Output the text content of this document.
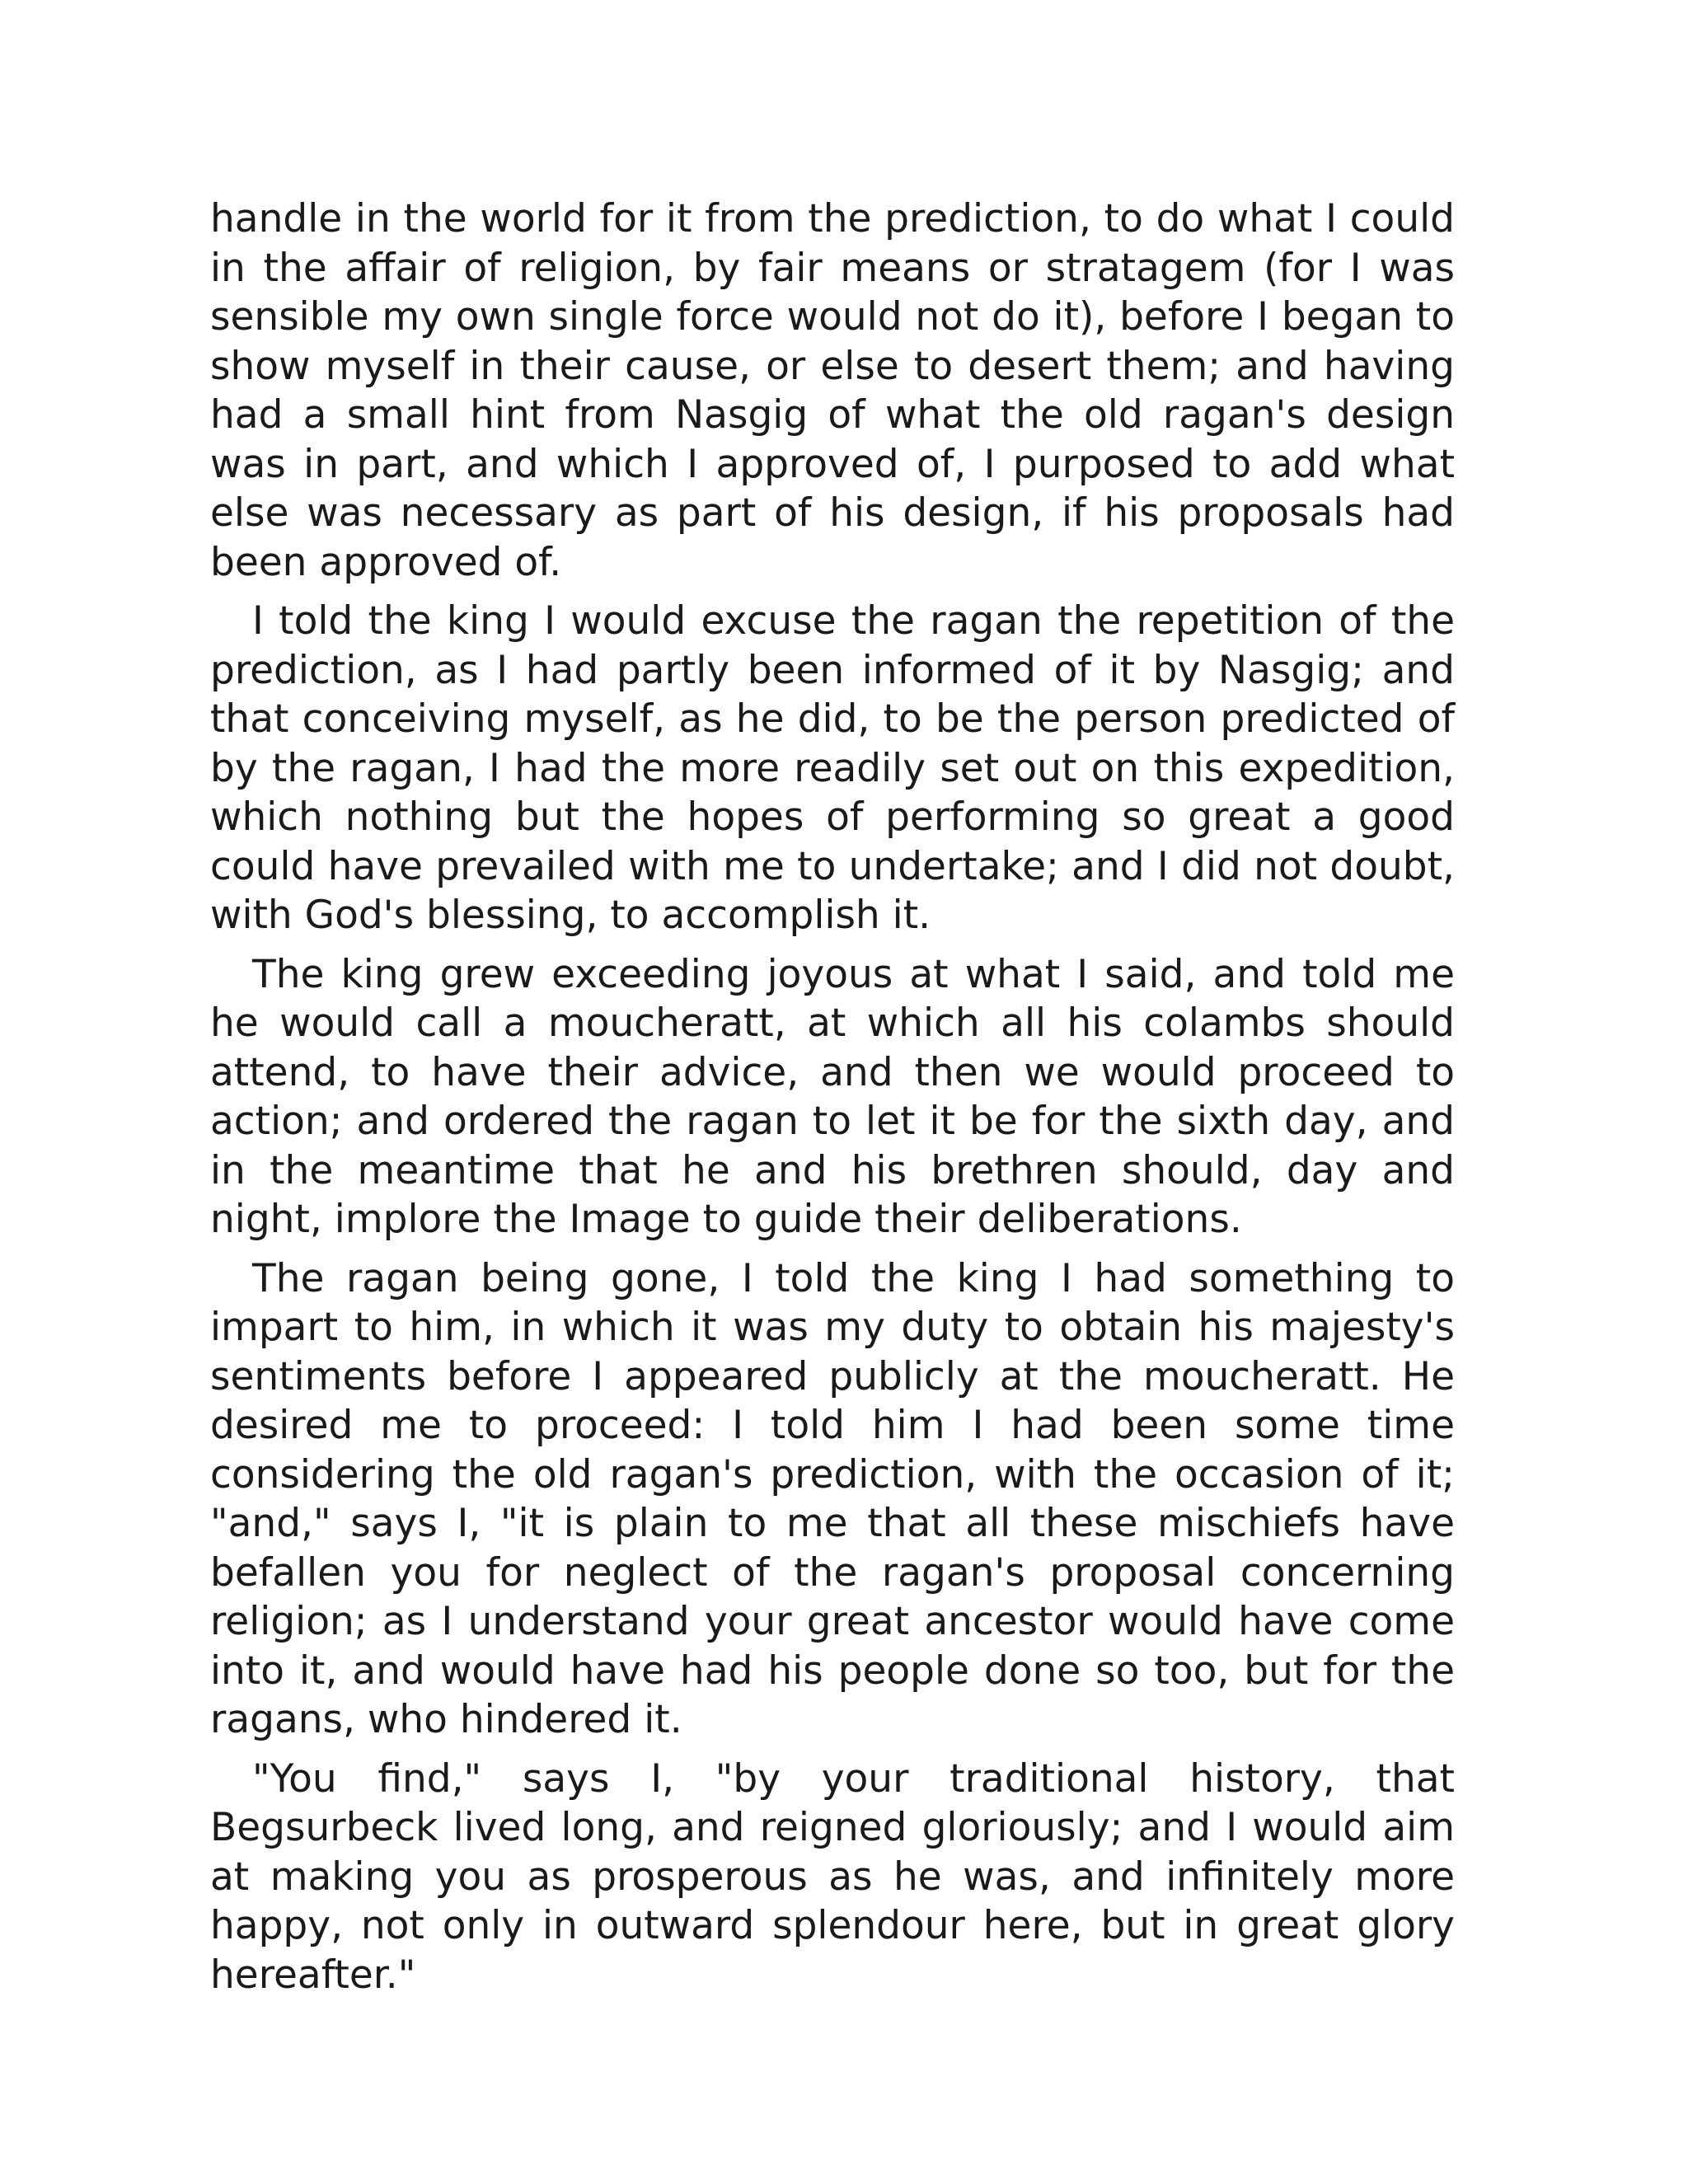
handle in the world for it from the prediction, to do what I could in the affair of religion, by fair means or stratagem (for I was sensible my own single force would not do it), before I began to show myself in their cause, or else to desert them; and having had a small hint from Nasgig of what the old ragan's design was in part, and which I approved of, I purposed to add what else was necessary as part of his design, if his proposals had been approved of.

I told the king I would excuse the ragan the repetition of the prediction, as I had partly been informed of it by Nasgig; and that conceiving myself, as he did, to be the person predicted of by the ragan, I had the more readily set out on this expedition, which nothing but the hopes of performing so great a good could have prevailed with me to undertake; and I did not doubt, with God's blessing, to accomplish it.

The king grew exceeding joyous at what I said, and told me he would call a moucheratt, at which all his colambs should attend, to have their advice, and then we would proceed to action; and ordered the ragan to let it be for the sixth day, and in the meantime that he and his brethren should, day and night, implore the Image to guide their deliberations.

The ragan being gone, I told the king I had something to impart to him, in which it was my duty to obtain his majesty's sentiments before I appeared publicly at the moucheratt. He desired me to proceed: I told him I had been some time considering the old ragan's prediction, with the occasion of it; "and," says I, "it is plain to me that all these mischiefs have befallen you for neglect of the ragan's proposal concerning religion; as I understand your great ancestor would have come into it, and would have had his people done so too, but for the ragans, who hindered it.

"You find," says I, "by your traditional history, that Begsurbeck lived long, and reigned gloriously; and I would aim at making you as prosperous as he was, and infinitely more happy, not only in outward splendour here, but in great glory hereafter."
